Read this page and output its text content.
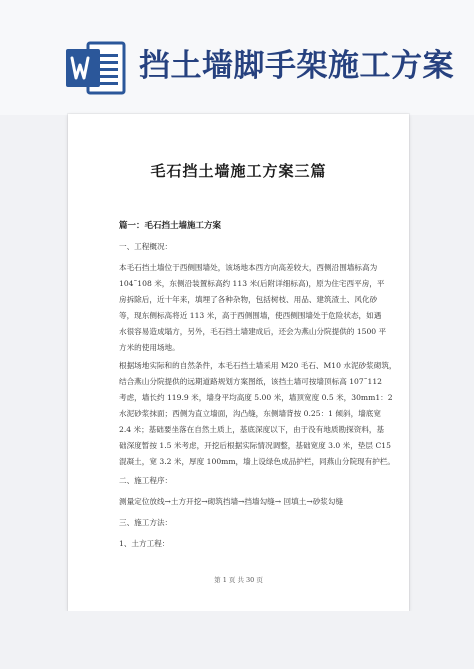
挡土墙脚手架施工方案
毛石挡土墙施工方案三篇
篇一：毛石挡土墙施工方案
一、工程概况：
本毛石挡土墙位于西侧围墙处，该场地本西方向高差较大，西侧沿围墙标高为
104˜108 米，东侧沿装置标高约 113 米(后附详细标高)，原为住宅西平房，平
房拆除后，近十年来，填埋了各种杂物，包括树枝、用品、建筑渣土、风化砂
等，现东侧标高将近 113 米，高于西侧围墙，使西侧围墙处于危险状态，如遇
水很容易造成塌方，另外，毛石挡土墙建成后，还会为燕山分院提供的 1500 平
方米的使用场地。
根据场地实际和的自然条件，本毛石挡土墙采用 M20 毛石、M10 水泥砂浆砌筑，
结合燕山分院提供的远期道路规划方案图纸，该挡土墙可按墙顶标高 107˜112
考虑，墙长约 119.9 米，墙身平均高度 5.00 米，墙顶宽度 0.5 米，30mm1：2
水泥砂浆抹面；西侧为直立墙面，沟凸缝，东侧墙背按 0.25：1 倾斜，墙底宽
2.4 米；基础要坐落在自然土质上，基底深度以下，由于没有地质勘探资料，基
础深度暂按 1.5 米考虑，开挖后根据实际情况调整，基础宽度 3.0 米，垫层 C15
混凝土，宽 3.2 米，厚度 100mm，墙上设绿色成品护栏，同燕山分院现有护栏。
二、施工程序：
测量定位放线→土方开挖→砌筑挡墙→挡墙勾缝→ 回填土→砂浆勾缝
三、施工方法：
1、土方工程：
第 1 页 共 30 页
